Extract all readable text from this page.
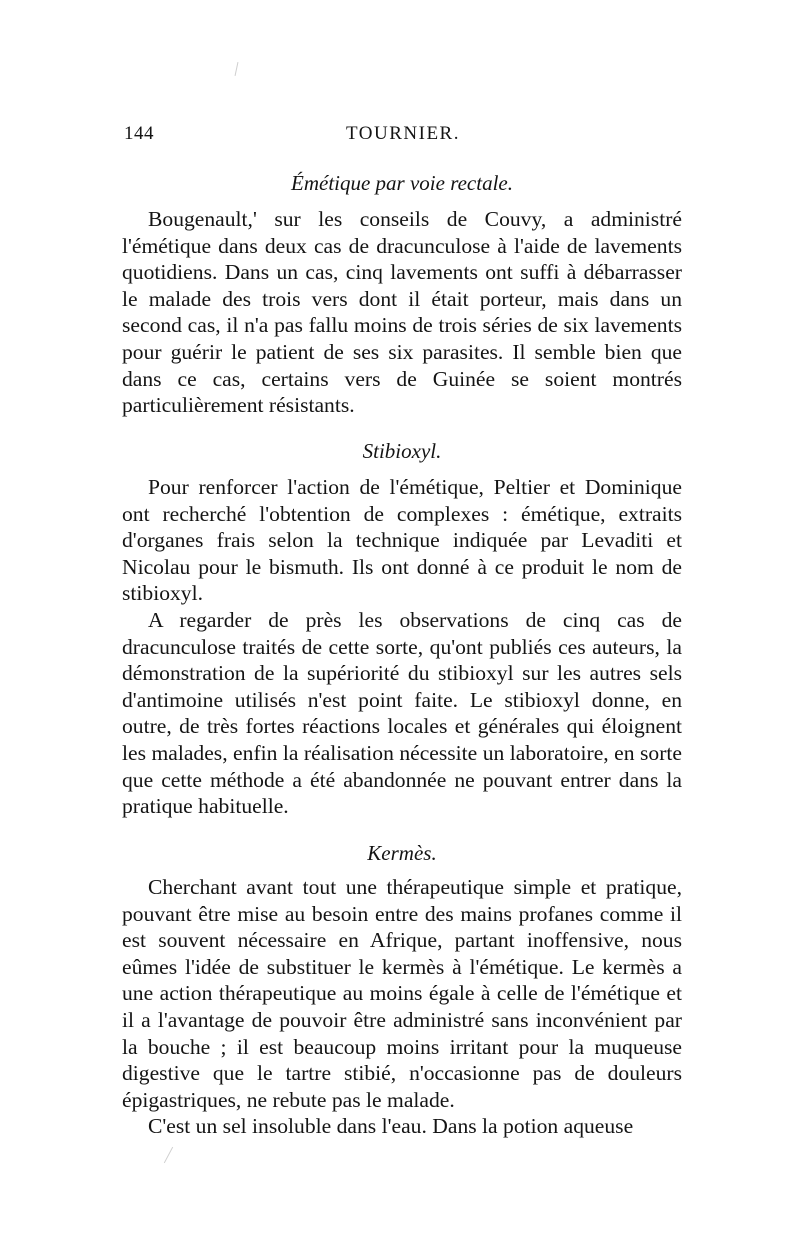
144	TOURNIER.
Émétique par voie rectale.

Bougenault,' sur les conseils de Couvy, a administré l'émétique dans deux cas de dracunculose à l'aide de lavements quotidiens. Dans un cas, cinq lavements ont suffi à débarrasser le malade des trois vers dont il était porteur, mais dans un second cas, il n'a pas fallu moins de trois séries de six lavements pour guérir le patient de ses six parasites. Il semble bien que dans ce cas, certains vers de Guinée se soient montrés particulièrement résistants.

Stibioxyl.

Pour renforcer l'action de l'émétique, Peltier et Dominique ont recherché l'obtention de complexes : émétique, extraits d'organes frais selon la technique indiquée par Levaditi et Nicolau pour le bismuth. Ils ont donné à ce produit le nom de stibioxyl.

A regarder de près les observations de cinq cas de dracunculose traités de cette sorte, qu'ont publiés ces auteurs, la démonstration de la supériorité du stibioxyl sur les autres sels d'antimoine utilisés n'est point faite. Le stibioxyl donne, en outre, de très fortes réactions locales et générales qui éloignent les malades, enfin la réalisation nécessite un laboratoire, en sorte que cette méthode a été abandonnée ne pouvant entrer dans la pratique habituelle.

Kermès.

Cherchant avant tout une thérapeutique simple et pratique, pouvant être mise au besoin entre des mains profanes comme il est souvent nécessaire en Afrique, partant inoffensive, nous eûmes l'idée de substituer le kermès à l'émétique. Le kermès a une action thérapeutique au moins égale à celle de l'émétique et il a l'avantage de pouvoir être administré sans inconvénient par la bouche ; il est beaucoup moins irritant pour la muqueuse digestive que le tartre stibié, n'occasionne pas de douleurs épigastriques, ne rebute pas le malade.

C'est un sel insoluble dans l'eau. Dans la potion aqueuse
